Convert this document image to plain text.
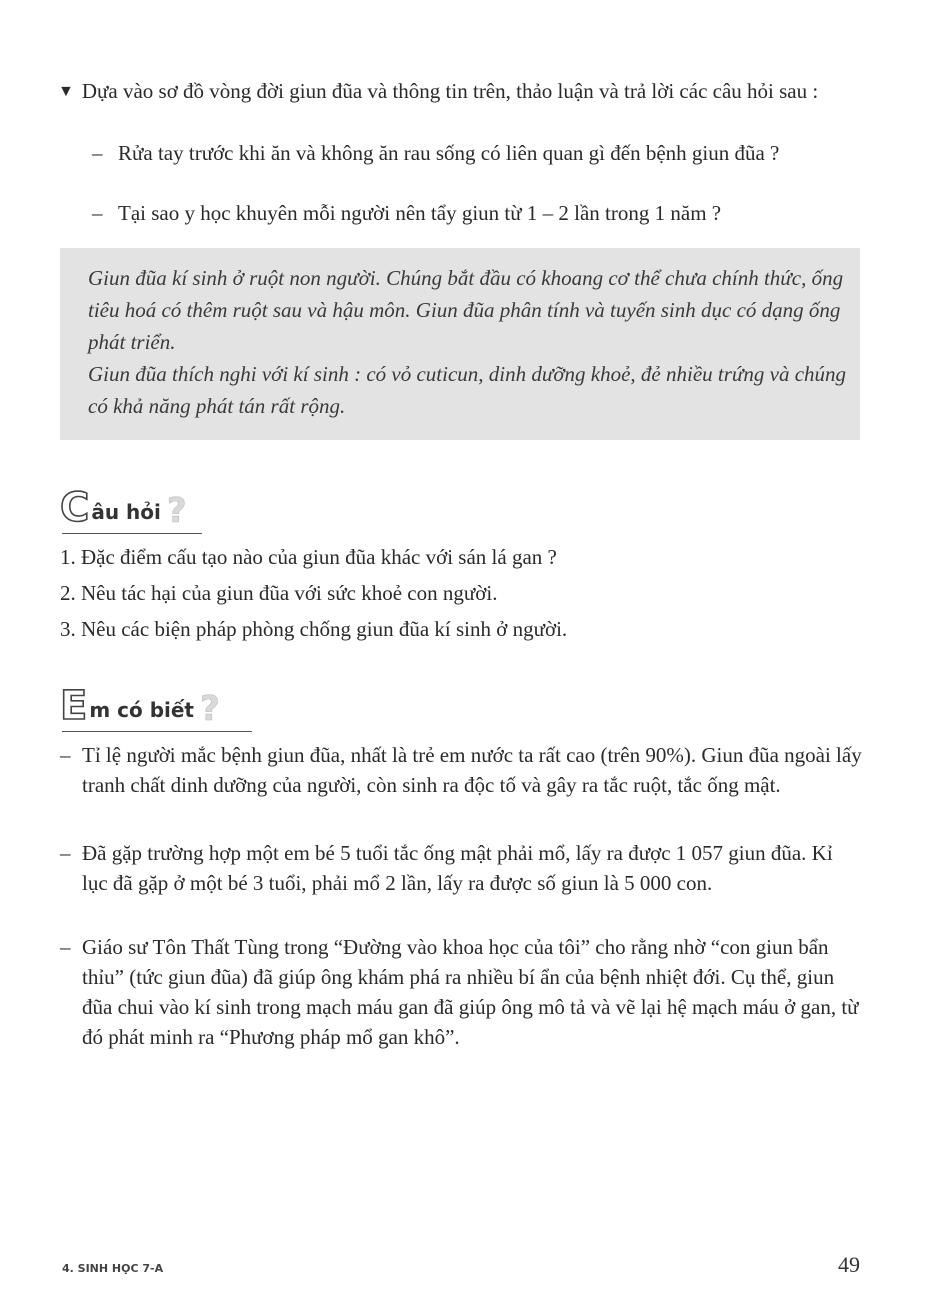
▼ Dựa vào sơ đồ vòng đời giun đũa và thông tin trên, thảo luận và trả lời các câu hỏi sau :

– Rửa tay trước khi ăn và không ăn rau sống có liên quan gì đến bệnh giun đũa ?
– Tại sao y học khuyên mỗi người nên tẩy giun từ 1 – 2 lần trong 1 năm ?

Giun đũa kí sinh ở ruột non người. Chúng bắt đầu có khoang cơ thể chưa chính thức, ống tiêu hoá có thêm ruột sau và hậu môn. Giun đũa phân tính và tuyến sinh dục có dạng ống phát triển.

Giun đũa thích nghi với kí sinh : có vỏ cuticun, dinh dưỡng khoẻ, đẻ nhiều trứng và chúng có khả năng phát tán rất rộng.

C âu hỏi ?

1. Đặc điểm cấu tạo nào của giun đũa khác với sán lá gan ?

2. Nêu tác hại của giun đũa với sức khoẻ con người.

3. Nêu các biện pháp phòng chống giun đũa kí sinh ở người.

E m có biết ?
– Tỉ lệ người mắc bệnh giun đũa, nhất là trẻ em nước ta rất cao (trên 90%). Giun đũa ngoài lấy tranh chất dinh dưỡng của người, còn sinh ra độc tố và gây ra tắc ruột, tắc ống mật.
– Đã gặp trường hợp một em bé 5 tuổi tắc ống mật phải mổ, lấy ra được 1 057 giun đũa. Kỉ lục đã gặp ở một bé 3 tuổi, phải mổ 2 lần, lấy ra được số giun là 5 000 con.
– Giáo sư Tôn Thất Tùng trong “Đường vào khoa học của tôi” cho rằng nhờ “con giun bẩn thỉu” (tức giun đũa) đã giúp ông khám phá ra nhiều bí ẩn của bệnh nhiệt đới. Cụ thể, giun đũa chui vào kí sinh trong mạch máu gan đã giúp ông mô tả và vẽ lại hệ mạch máu ở gan, từ đó phát minh ra “Phương pháp mổ gan khô”.
4. SINH HỌC 7-A	49
